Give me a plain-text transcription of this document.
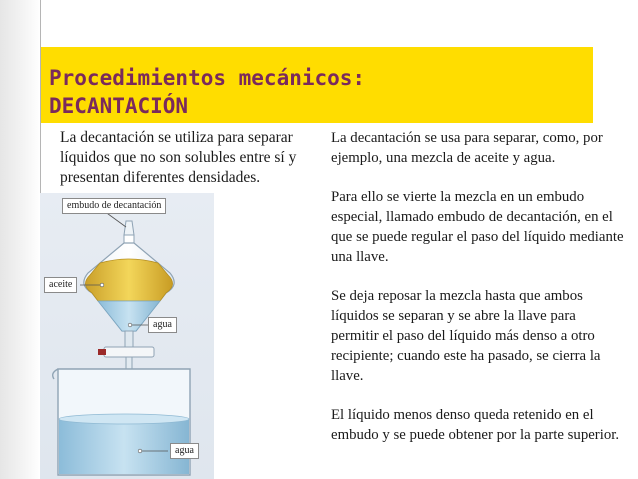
Procedimientos mecánicos:
DECANTACIÓN
La decantación se utiliza para separar líquidos que no son solubles entre sí y presentan diferentes densidades.

La decantación se usa para separar, como, por ejemplo, una mezcla de aceite y agua.

Para ello se vierte la mezcla en un embudo especial, llamado embudo de decantación, en el que se puede regular el paso del líquido mediante una llave.

Se deja reposar la mezcla hasta que ambos líquidos se separan y se abre la llave para permitir el paso del líquido más denso a otro recipiente; cuando este ha pasado, se cierra la llave.

El líquido menos denso queda retenido en el embudo y se puede obtener por la parte superior.

embudo de decantación
aceite
agua
agua
